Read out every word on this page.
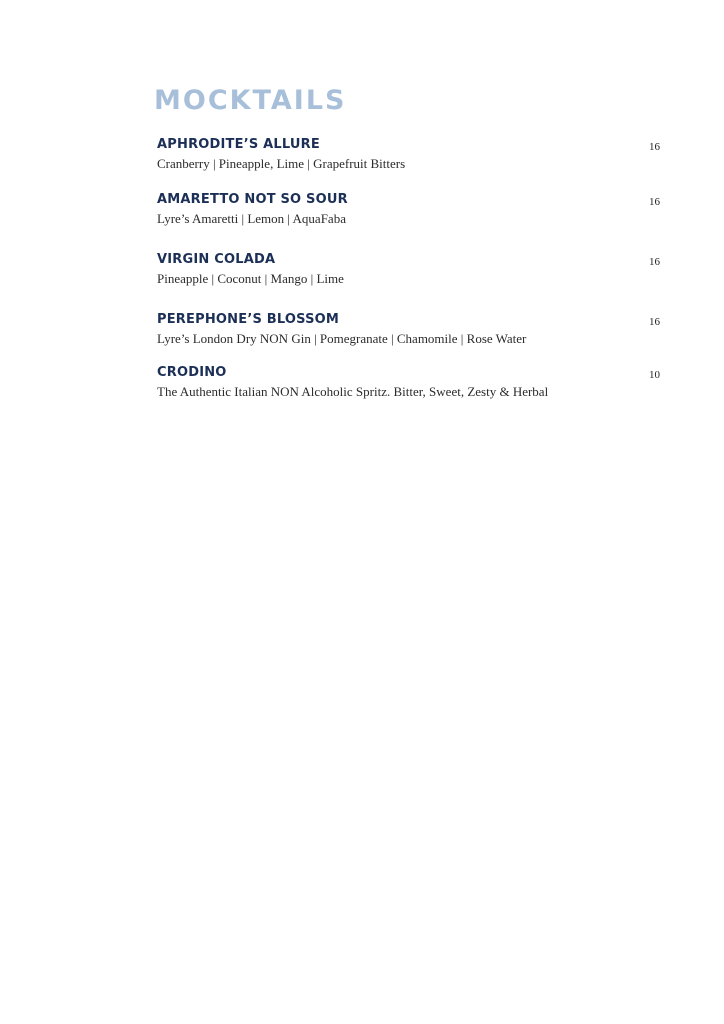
MOCKTAILS
APHRODITE’S ALLURE
Cranberry | Pineapple, Lime | Grapefruit Bitters
16
AMARETTO NOT SO SOUR
Lyre’s Amaretti | Lemon | AquaFaba
16
VIRGIN COLADA
Pineapple | Coconut | Mango | Lime
16
PEREPHONE’S BLOSSOM
Lyre’s London Dry NON Gin | Pomegranate | Chamomile | Rose Water
16
CRODINO
The Authentic Italian NON Alcoholic Spritz. Bitter, Sweet, Zesty & Herbal
10
